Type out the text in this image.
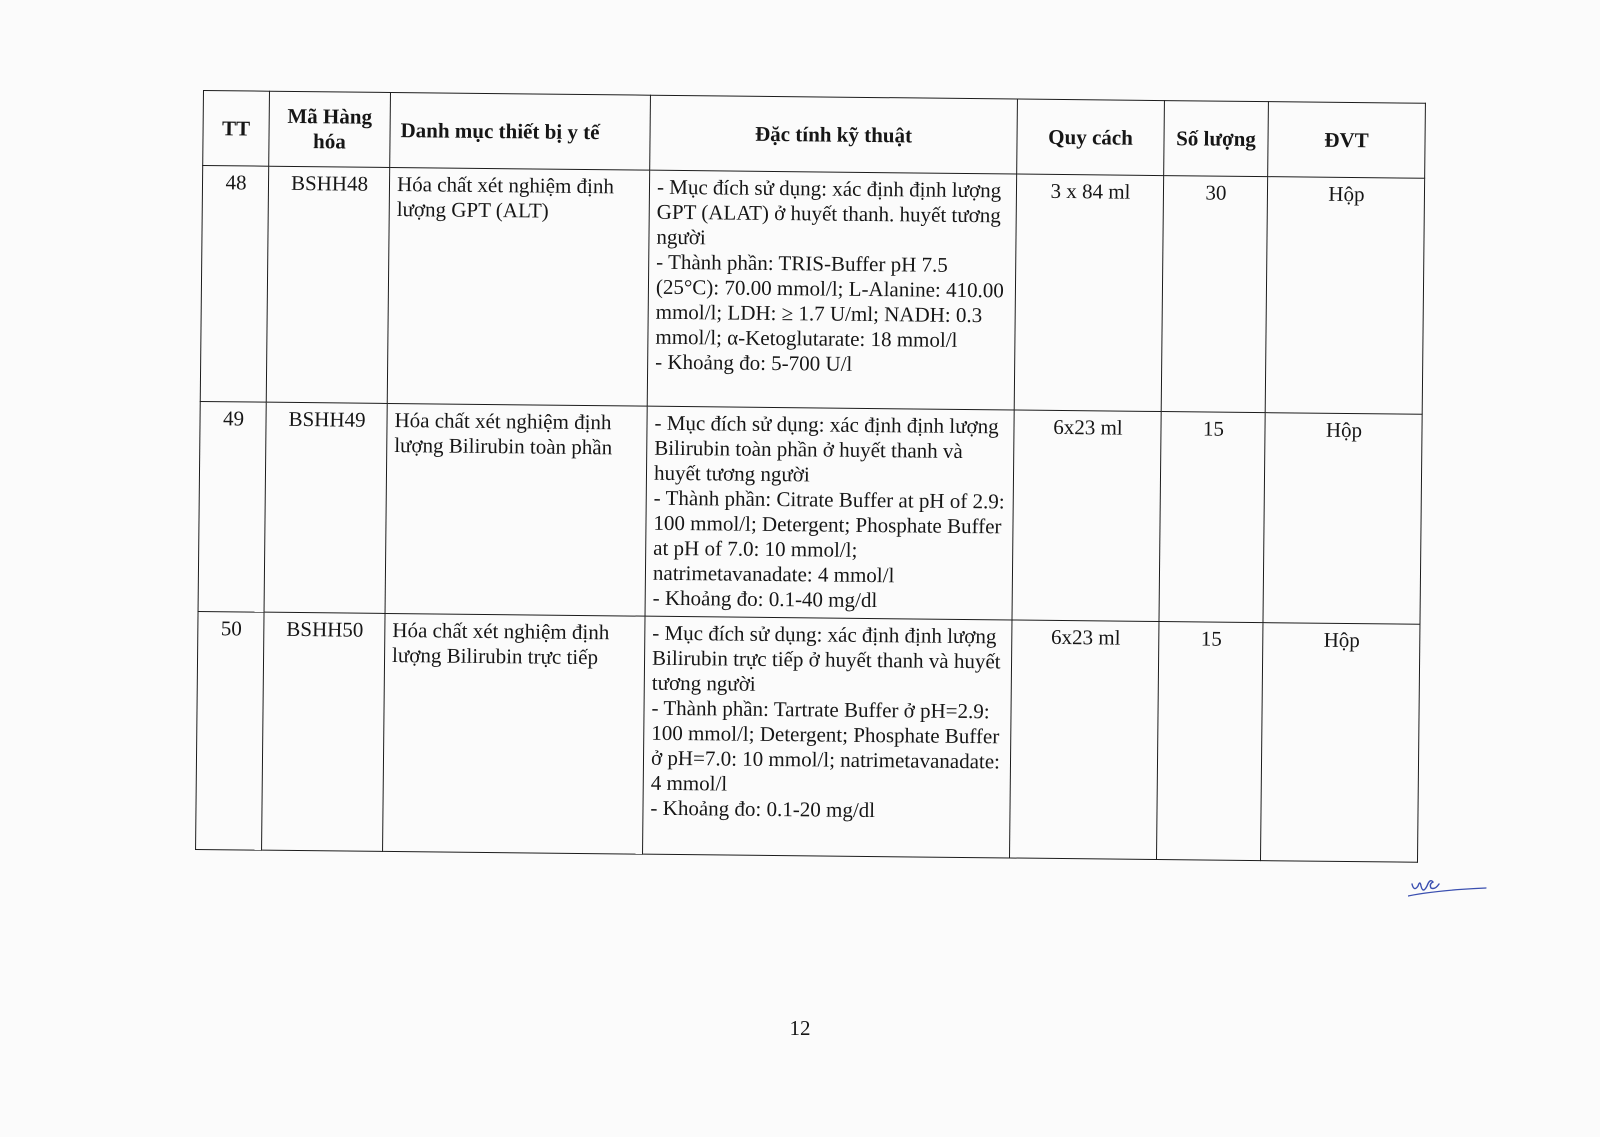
TT	Mã Hàng hóa	Danh mục thiết bị y tế	Đặc tính kỹ thuật	Quy cách	Số lượng	ĐVT
48	BSHH48	Hóa chất xét nghiệm định lượng GPT (ALT)	- Mục đích sử dụng: xác định định lượng GPT (ALAT) ở huyết thanh. huyết tương người
- Thành phần: TRIS-Buffer pH 7.5 (25°C): 70.00 mmol/l; L-Alanine: 410.00 mmol/l; LDH: ≥ 1.7 U/ml; NADH: 0.3 mmol/l; α-Ketoglutarate: 18 mmol/l
- Khoảng đo: 5-700 U/l	3 x 84 ml	30	Hộp
49	BSHH49	Hóa chất xét nghiệm định lượng Bilirubin toàn phần	- Mục đích sử dụng: xác định định lượng Bilirubin toàn phần ở huyết thanh và huyết tương người
- Thành phần: Citrate Buffer at pH of 2.9: 100 mmol/l; Detergent; Phosphate Buffer at pH of 7.0: 10 mmol/l; natrimetavanadate: 4 mmol/l
- Khoảng đo: 0.1-40 mg/dl	6x23 ml	15	Hộp
50	BSHH50	Hóa chất xét nghiệm định lượng Bilirubin trực tiếp	- Mục đích sử dụng: xác định định lượng Bilirubin trực tiếp ở huyết thanh và huyết tương người
- Thành phần: Tartrate Buffer ở pH=2.9: 100 mmol/l; Detergent; Phosphate Buffer ở pH=7.0: 10 mmol/l; natrimetavanadate: 4 mmol/l
- Khoảng đo: 0.1-20 mg/dl	6x23 ml	15	Hộp
12
